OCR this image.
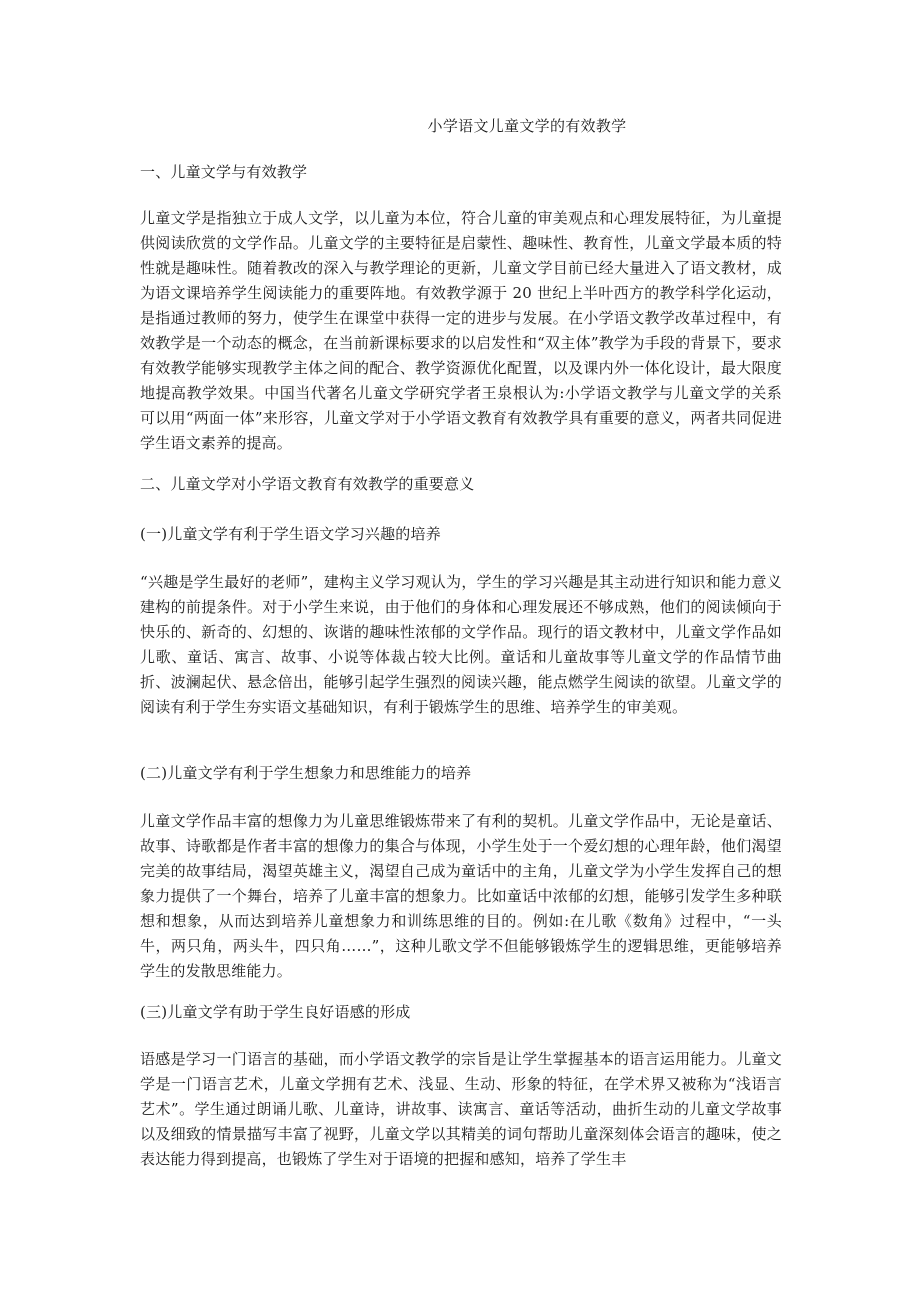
小学语文儿童文学的有效教学
一、儿童文学与有效教学
儿童文学是指独立于成人文学，以儿童为本位，符合儿童的审美观点和心理发展特征，为儿童提供阅读欣赏的文学作品。儿童文学的主要特征是启蒙性、趣味性、教育性，儿童文学最本质的特性就是趣味性。随着教改的深入与教学理论的更新，儿童文学目前已经大量进入了语文教材，成为语文课培养学生阅读能力的重要阵地。有效教学源于 20 世纪上半叶西方的教学科学化运动，是指通过教师的努力，使学生在课堂中获得一定的进步与发展。在小学语文教学改革过程中，有效教学是一个动态的概念，在当前新课标要求的以启发性和“双主体”教学为手段的背景下，要求有效教学能够实现教学主体之间的配合、教学资源优化配置，以及课内外一体化设计，最大限度地提高教学效果。中国当代著名儿童文学研究学者王泉根认为:小学语文教学与儿童文学的关系可以用“两面一体”来形容，儿童文学对于小学语文教育有效教学具有重要的意义，两者共同促进学生语文素养的提高。
二、儿童文学对小学语文教育有效教学的重要意义
(一)儿童文学有利于学生语文学习兴趣的培养
“兴趣是学生最好的老师”，建构主义学习观认为，学生的学习兴趣是其主动进行知识和能力意义建构的前提条件。对于小学生来说，由于他们的身体和心理发展还不够成熟，他们的阅读倾向于快乐的、新奇的、幻想的、诙谐的趣味性浓郁的文学作品。现行的语文教材中，儿童文学作品如儿歌、童话、寓言、故事、小说等体裁占较大比例。童话和儿童故事等儿童文学的作品情节曲折、波澜起伏、悬念倍出，能够引起学生强烈的阅读兴趣，能点燃学生阅读的欲望。儿童文学的阅读有利于学生夯实语文基础知识，有利于锻炼学生的思维、培养学生的审美观。
(二)儿童文学有利于学生想象力和思维能力的培养
儿童文学作品丰富的想像力为儿童思维锻炼带来了有利的契机。儿童文学作品中，无论是童话、故事、诗歌都是作者丰富的想像力的集合与体现，小学生处于一个爱幻想的心理年龄，他们渴望完美的故事结局，渴望英雄主义，渴望自己成为童话中的主角，儿童文学为小学生发挥自己的想象力提供了一个舞台，培养了儿童丰富的想象力。比如童话中浓郁的幻想，能够引发学生多种联想和想象，从而达到培养儿童想象力和训练思维的目的。例如:在儿歌《数角》过程中，“一头牛，两只角，两头牛，四只角……”，这种儿歌文学不但能够锻炼学生的逻辑思维，更能够培养学生的发散思维能力。
(三)儿童文学有助于学生良好语感的形成
语感是学习一门语言的基础，而小学语文教学的宗旨是让学生掌握基本的语言运用能力。儿童文学是一门语言艺术，儿童文学拥有艺术、浅显、生动、形象的特征，在学术界又被称为“浅语言艺术”。学生通过朗诵儿歌、儿童诗，讲故事、读寓言、童话等活动，曲折生动的儿童文学故事以及细致的情景描写丰富了视野，儿童文学以其精美的词句帮助儿童深刻体会语言的趣味，使之表达能力得到提高，也锻炼了学生对于语境的把握和感知，培养了学生丰
